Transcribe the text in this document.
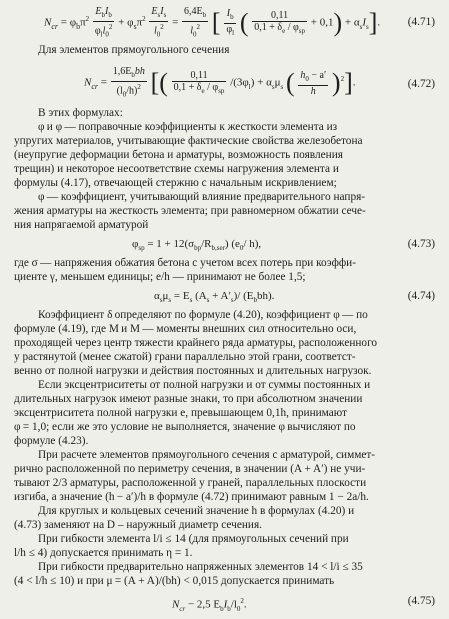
$N_{cr} = \varphi_b\pi^2 \frac{E_bI_b}{\varphi_ll_0^2} + \varphi_s\pi^2 \frac{E_sI_s}{l_0^2} = \frac{6,4E_b}{l_0^2}$ [ $\frac{I_b}{\varphi_l}$ ( $\frac{0,11}{0,1 + \delta_e / \varphi_{sp}} + 0,1) + \alpha_sI_s$]. (4.71)
Для элементов прямоугольного сечения
$N_{cr} = \frac{1,6E_bbh}{(l_0/h)^2}$ [( $\frac{0,11}{0,1 + \delta_e / \varphi_{sp}} /(3\varphi_l) + \alpha_s\mu_s$ ( $\frac{h_0 - a'}{h} )^2$].	(4.72)
В этих формулах:
φ и φ — поправочные коэффициенты к жесткости элемента из
упругих материалов, учитывающие фактические свойства железобетона
(неупругие деформации бетона и арматуры, возможность появления
трещин) и некоторое несоответствие схемы нагружения элемента и
формулы (4.17), отвечающей стержню с начальным искривлением;
φ — коэффициент, учитывающий влияние предварительного напря-
жения арматуры на жесткость элемента; при равномерном обжатии сече-
ния напрягаемой арматурой
$\varphi_{sp} = 1 + 12(\sigma_{bp}/R_{b,ser})$ ($e_0/$ h),	(4.73)
где σ — напряжения обжатия бетона с учетом всех потерь при коэффи-
циенте γ, меньшем единицы; e/h — принимают не более 1,5;
$\alpha_s\mu_s = E_s$ $(A_s + A'_s)/$ $(E_bbh)$.	(4.74)
Коэффициент δ определяют по формуле (4.20), коэффициент φ — по
формуле (4.19), где M и M — моменты внешних сил относительно оси,
проходящей через центр тяжести крайнего ряда арматуры, расположенного
у растянутой (менее сжатой) грани параллельно этой грани, соответст-
венно от полной нагрузки и действия постоянных и длительных нагрузок.
Если эксцентриситеты от полной нагрузки и от суммы постоянных и
длительных нагрузок имеют разные знаки, то при абсолютном значении
эксцентриситета полной нагрузки e, превышающем 0,1h, принимают
φ = 1,0; если же это условие не выполняется, значение φ вычисляют по
формуле (4.23).
При расчете элементов прямоугольного сечения с арматурой, симмет-
рично расположенной по периметру сечения, в значении (A + A′) не учи-
тывают 2/3 арматуры, расположенной у граней, параллельных плоскости
изгиба, а значение (h − a′)/h в формуле (4.72) принимают равным 1 − 2a/h.
Для круглых и кольцевых сечений значение h в формулах (4.20) и
(4.73) заменяют на D – наружный диаметр сечения.
При гибкости элемента l/i ≤ 14 (для прямоугольных сечений при
l/h ≤ 4) допускается принимать η = 1.
При гибкости предварительно напряженных элементов 14 < l/i ≤ 35
(4 < l/h ≤ 10) и при μ = (A + A)/(bh) < 0,015 допускается принимать
$N_{cr} - 2,5$ $E_bI_b/l_0^2$.	(4.75)
